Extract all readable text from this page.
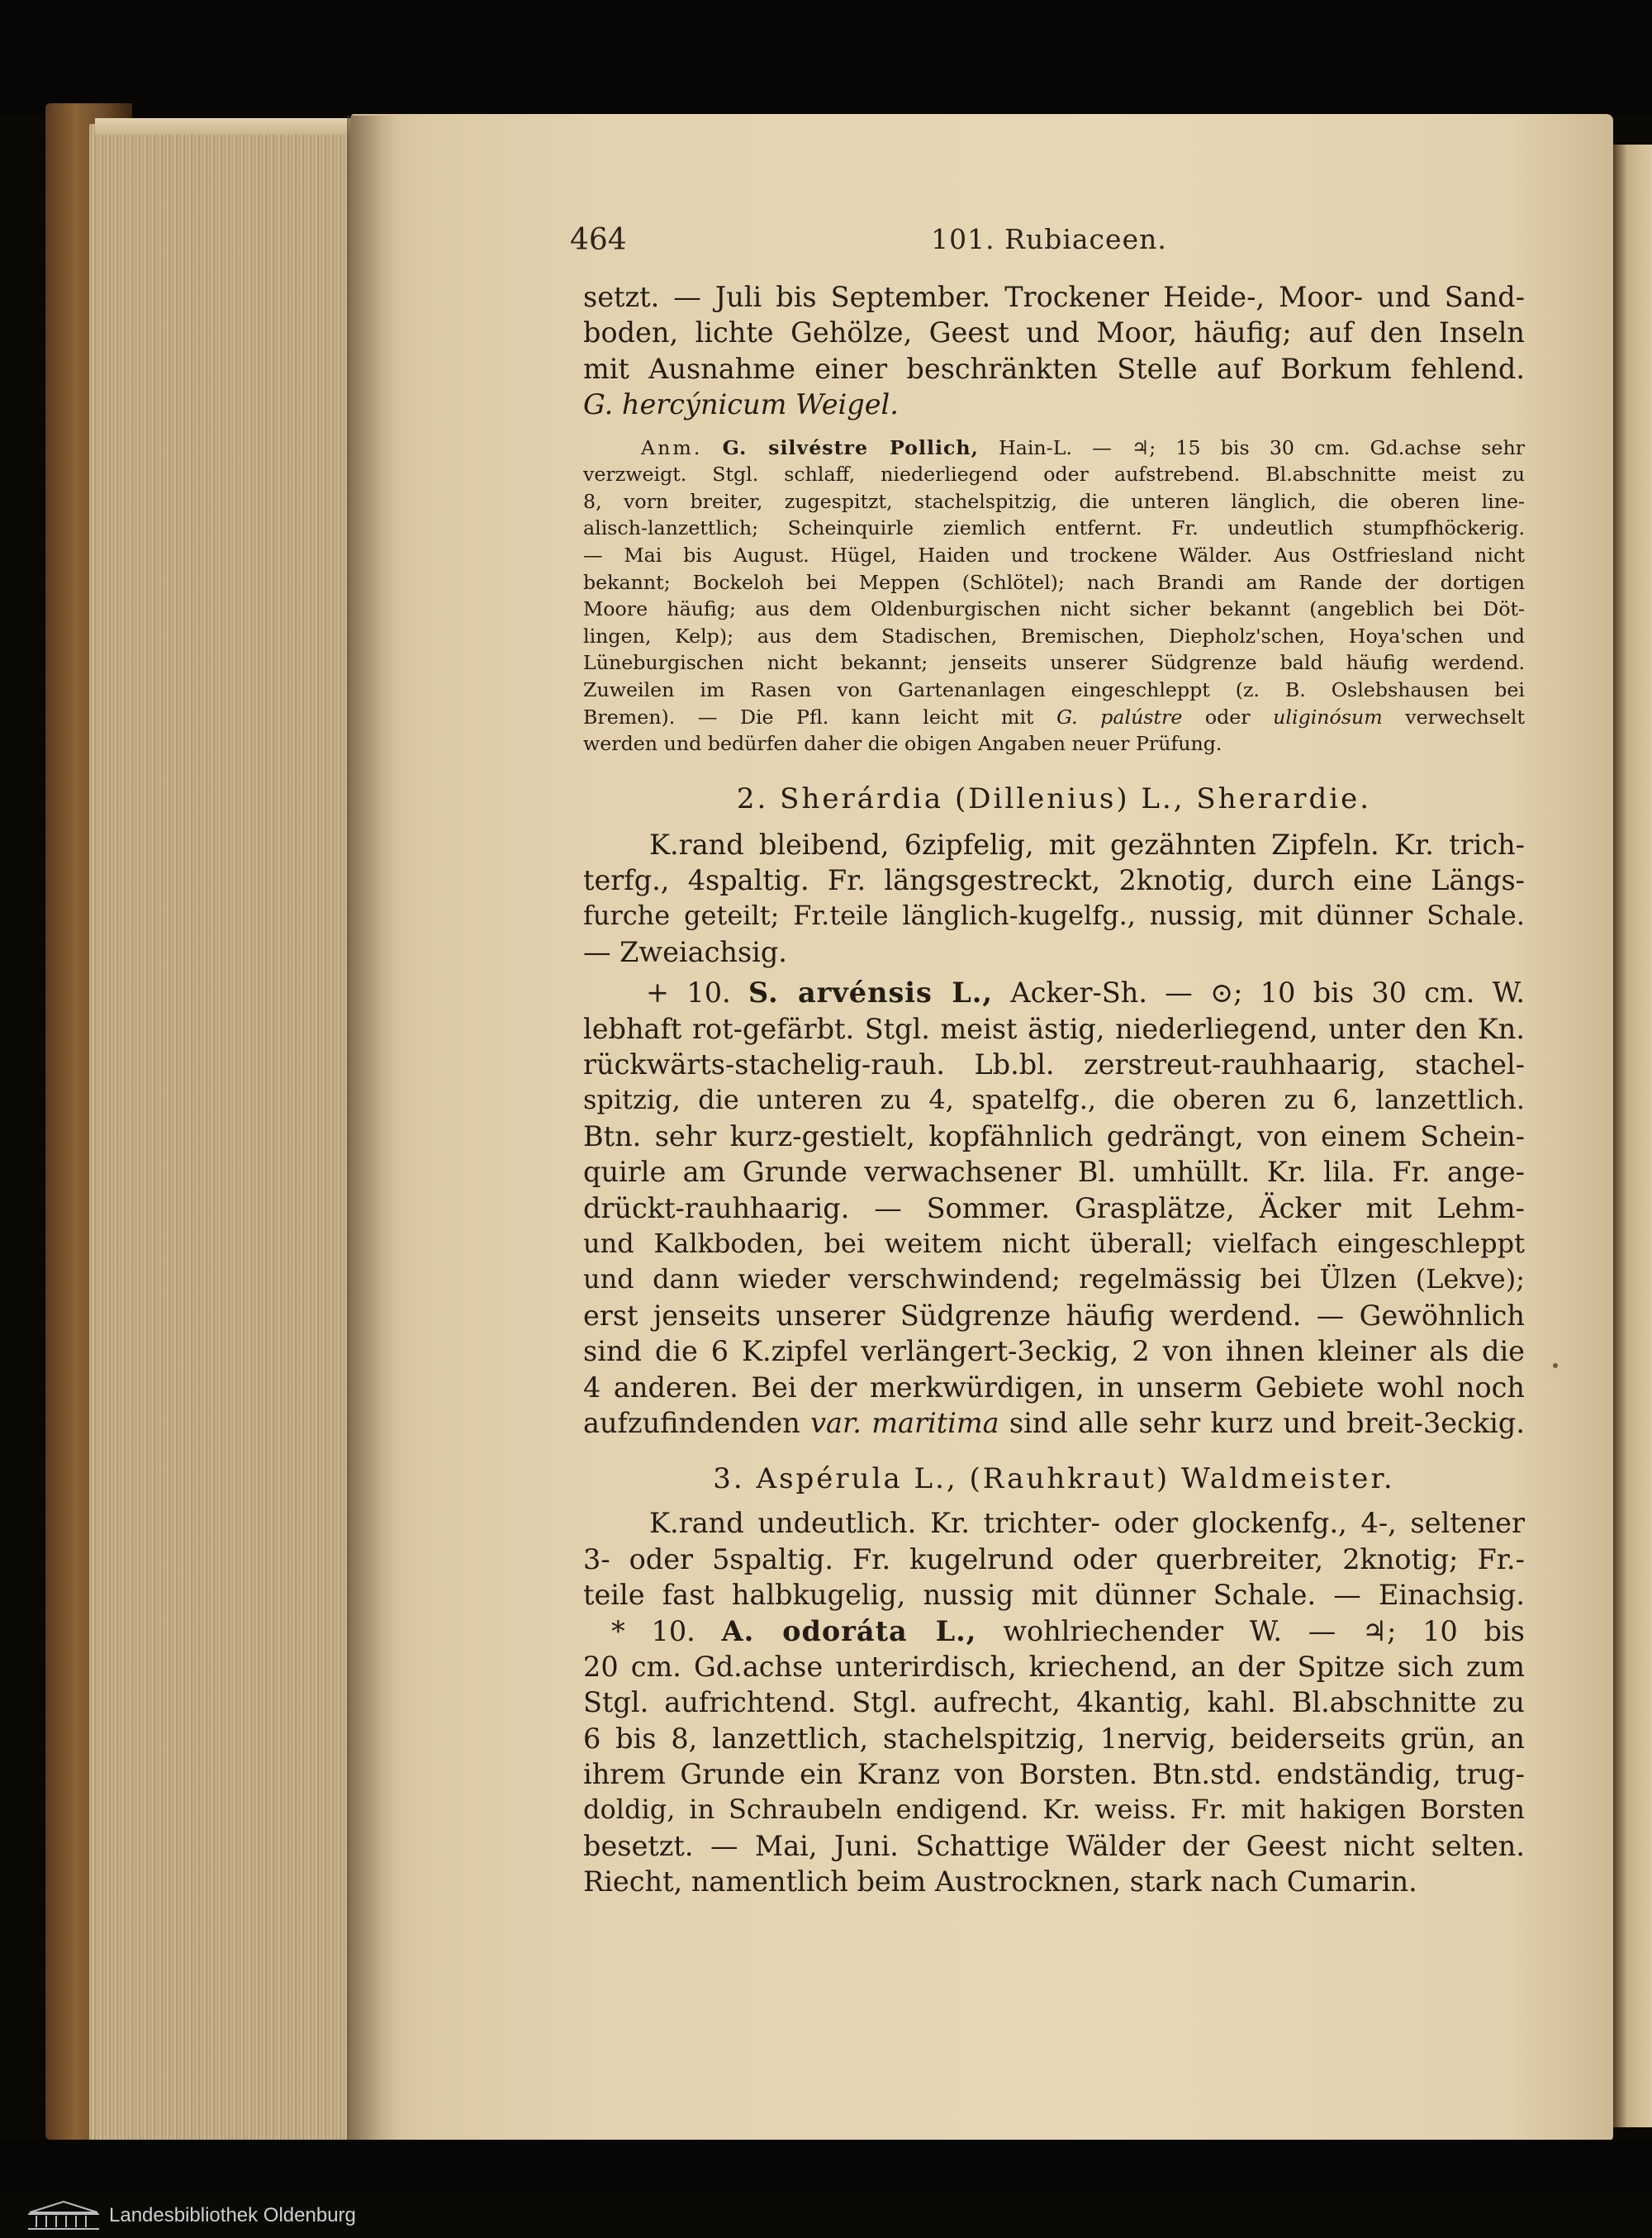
464	101. Rubiaceen.
setzt. — Juli bis September. Trockener Heide-, Moor- und Sand-
boden, lichte Gehölze, Geest und Moor, häufig; auf den Inseln
mit Ausnahme einer beschränkten Stelle auf Borkum fehlend.
G. hercýnicum Weigel.
Anm. G. silvéstre Pollich, Hain-L. — ♃; 15 bis 30 cm. Gd.achse sehr
verzweigt. Stgl. schlaff, niederliegend oder aufstrebend. Bl.abschnitte meist zu
8, vorn breiter, zugespitzt, stachelspitzig, die unteren länglich, die oberen line-
alisch-lanzettlich; Scheinquirle ziemlich entfernt. Fr. undeutlich stumpfhöckerig.
— Mai bis August. Hügel, Haiden und trockene Wälder. Aus Ostfriesland nicht
bekannt; Bockeloh bei Meppen (Schlötel); nach Brandi am Rande der dortigen
Moore häufig; aus dem Oldenburgischen nicht sicher bekannt (angeblich bei Döt-
lingen, Kelp); aus dem Stadischen, Bremischen, Diepholz'schen, Hoya'schen und
Lüneburgischen nicht bekannt; jenseits unserer Südgrenze bald häufig werdend.
Zuweilen im Rasen von Gartenanlagen eingeschleppt (z. B. Oslebshausen bei
Bremen). — Die Pfl. kann leicht mit G. palústre oder uliginósum verwechselt
werden und bedürfen daher die obigen Angaben neuer Prüfung.
2. Sherárdia (Dillenius) L., Sherardie.
K.rand bleibend, 6zipfelig, mit gezähnten Zipfeln. Kr. trich-
terfg., 4spaltig. Fr. längsgestreckt, 2knotig, durch eine Längs-
furche geteilt; Fr.teile länglich-kugelfg., nussig, mit dünner Schale.
— Zweiachsig.
+ 10. S. arvénsis L., Acker-Sh. — ⊙; 10 bis 30 cm. W.
lebhaft rot-gefärbt. Stgl. meist ästig, niederliegend, unter den Kn.
rückwärts-stachelig-rauh. Lb.bl. zerstreut-rauhhaarig, stachel-
spitzig, die unteren zu 4, spatelfg., die oberen zu 6, lanzettlich.
Btn. sehr kurz-gestielt, kopfähnlich gedrängt, von einem Schein-
quirle am Grunde verwachsener Bl. umhüllt. Kr. lila. Fr. ange-
drückt-rauhhaarig. — Sommer. Grasplätze, Äcker mit Lehm-
und Kalkboden, bei weitem nicht überall; vielfach eingeschleppt
und dann wieder verschwindend; regelmässig bei Ülzen (Lekve);
erst jenseits unserer Südgrenze häufig werdend. — Gewöhnlich
sind die 6 K.zipfel verlängert-3eckig, 2 von ihnen kleiner als die
4 anderen. Bei der merkwürdigen, in unserm Gebiete wohl noch
aufzufindenden var. maritima sind alle sehr kurz und breit-3eckig.
3. Aspérula L., (Rauhkraut) Waldmeister.
K.rand undeutlich. Kr. trichter- oder glockenfg., 4-, seltener
3- oder 5spaltig. Fr. kugelrund oder querbreiter, 2knotig; Fr.-
teile fast halbkugelig, nussig mit dünner Schale. — Einachsig.
* 10. A. odoráta L., wohlriechender W. — ♃; 10 bis
20 cm. Gd.achse unterirdisch, kriechend, an der Spitze sich zum
Stgl. aufrichtend. Stgl. aufrecht, 4kantig, kahl. Bl.abschnitte zu
6 bis 8, lanzettlich, stachelspitzig, 1nervig, beiderseits grün, an
ihrem Grunde ein Kranz von Borsten. Btn.std. endständig, trug-
doldig, in Schraubeln endigend. Kr. weiss. Fr. mit hakigen Borsten
besetzt. — Mai, Juni. Schattige Wälder der Geest nicht selten.
Riecht, namentlich beim Austrocknen, stark nach Cumarin.
Landesbibliothek Oldenburg
